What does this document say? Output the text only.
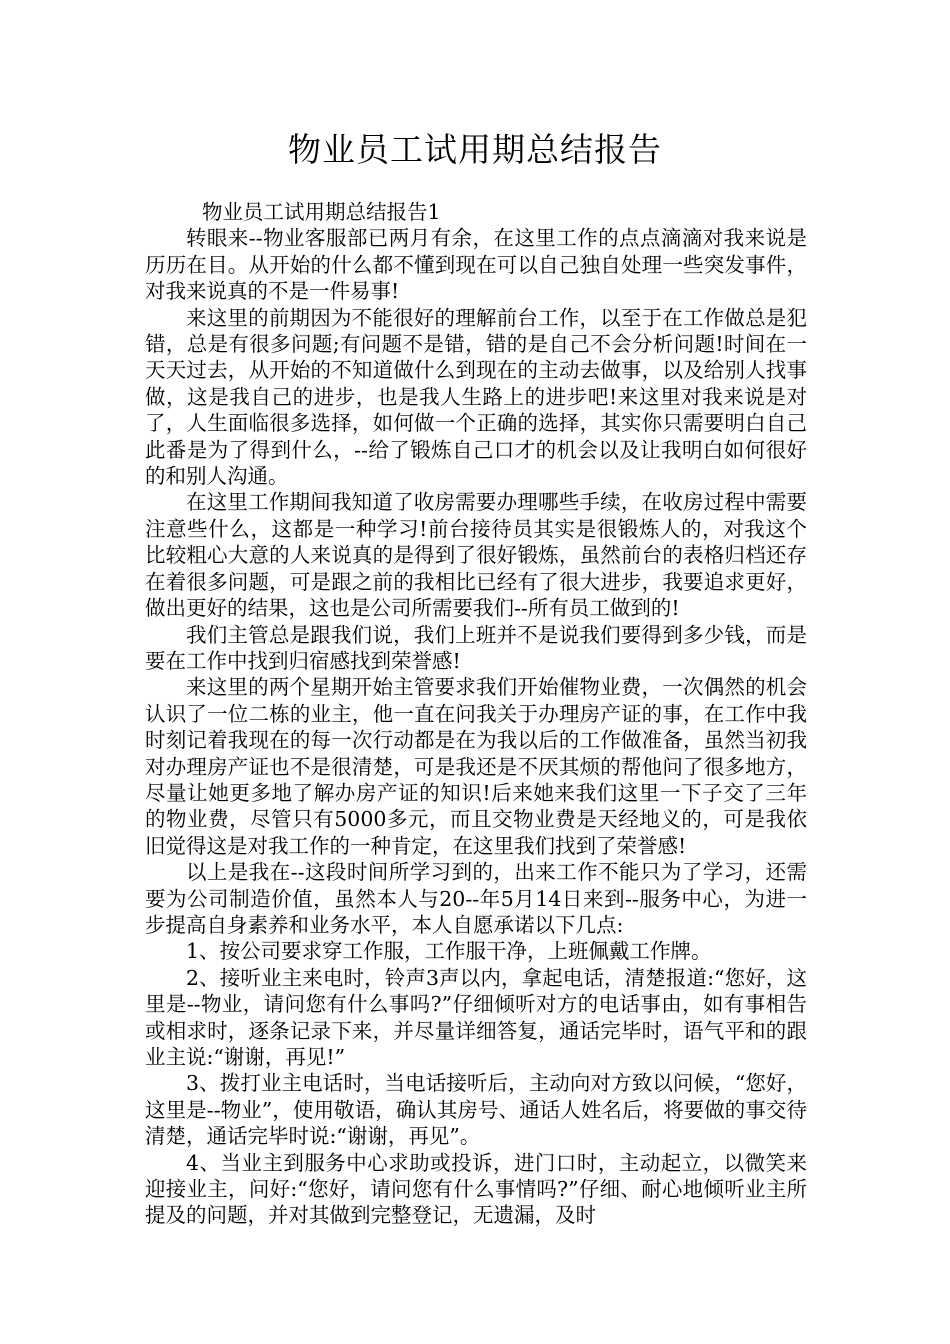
物业员工试用期总结报告

物业员工试用期总结报告1

转眼来--物业客服部已两月有余，在这里工作的点点滴滴对我来说是历历在目。从开始的什么都不懂到现在可以自己独自处理一些突发事件，对我来说真的不是一件易事!

来这里的前期因为不能很好的理解前台工作，以至于在工作做总是犯错，总是有很多问题;有问题不是错，错的是自己不会分析问题!时间在一天天过去，从开始的不知道做什么到现在的主动去做事，以及给别人找事做，这是我自己的进步，也是我人生路上的进步吧!来这里对我来说是对了，人生面临很多选择，如何做一个正确的选择，其实你只需要明白自己此番是为了得到什么，--给了锻炼自己口才的机会以及让我明白如何很好的和别人沟通。

在这里工作期间我知道了收房需要办理哪些手续，在收房过程中需要注意些什么，这都是一种学习!前台接待员其实是很锻炼人的，对我这个比较粗心大意的人来说真的是得到了很好锻炼，虽然前台的表格归档还存在着很多问题，可是跟之前的我相比已经有了很大进步，我要追求更好，做出更好的结果，这也是公司所需要我们--所有员工做到的!

我们主管总是跟我们说，我们上班并不是说我们要得到多少钱，而是要在工作中找到归宿感找到荣誉感!

来这里的两个星期开始主管要求我们开始催物业费，一次偶然的机会认识了一位二栋的业主，他一直在问我关于办理房产证的事，在工作中我时刻记着我现在的每一次行动都是在为我以后的工作做准备，虽然当初我对办理房产证也不是很清楚，可是我还是不厌其烦的帮他问了很多地方，尽量让她更多地了解办房产证的知识!后来她来我们这里一下子交了三年的物业费，尽管只有5000多元，而且交物业费是天经地义的，可是我依旧觉得这是对我工作的一种肯定，在这里我们找到了荣誉感!

以上是我在--这段时间所学习到的，出来工作不能只为了学习，还需要为公司制造价值，虽然本人与20--年5月14日来到--服务中心，为进一步提高自身素养和业务水平，本人自愿承诺以下几点:

1、按公司要求穿工作服，工作服干净，上班佩戴工作牌。

2、接听业主来电时，铃声3声以内，拿起电话，清楚报道:“您好，这里是--物业，请问您有什么事吗?”仔细倾听对方的电话事由，如有事相告或相求时，逐条记录下来，并尽量详细答复，通话完毕时，语气平和的跟业主说:“谢谢，再见!”

3、拨打业主电话时，当电话接听后，主动向对方致以问候，“您好，这里是--物业”，使用敬语，确认其房号、通话人姓名后，将要做的事交待清楚，通话完毕时说:“谢谢，再见”。

4、当业主到服务中心求助或投诉，进门口时，主动起立，以微笑来迎接业主，问好:“您好，请问您有什么事情吗?”仔细、耐心地倾听业主所提及的问题，并对其做到完整登记，无遗漏，及时
